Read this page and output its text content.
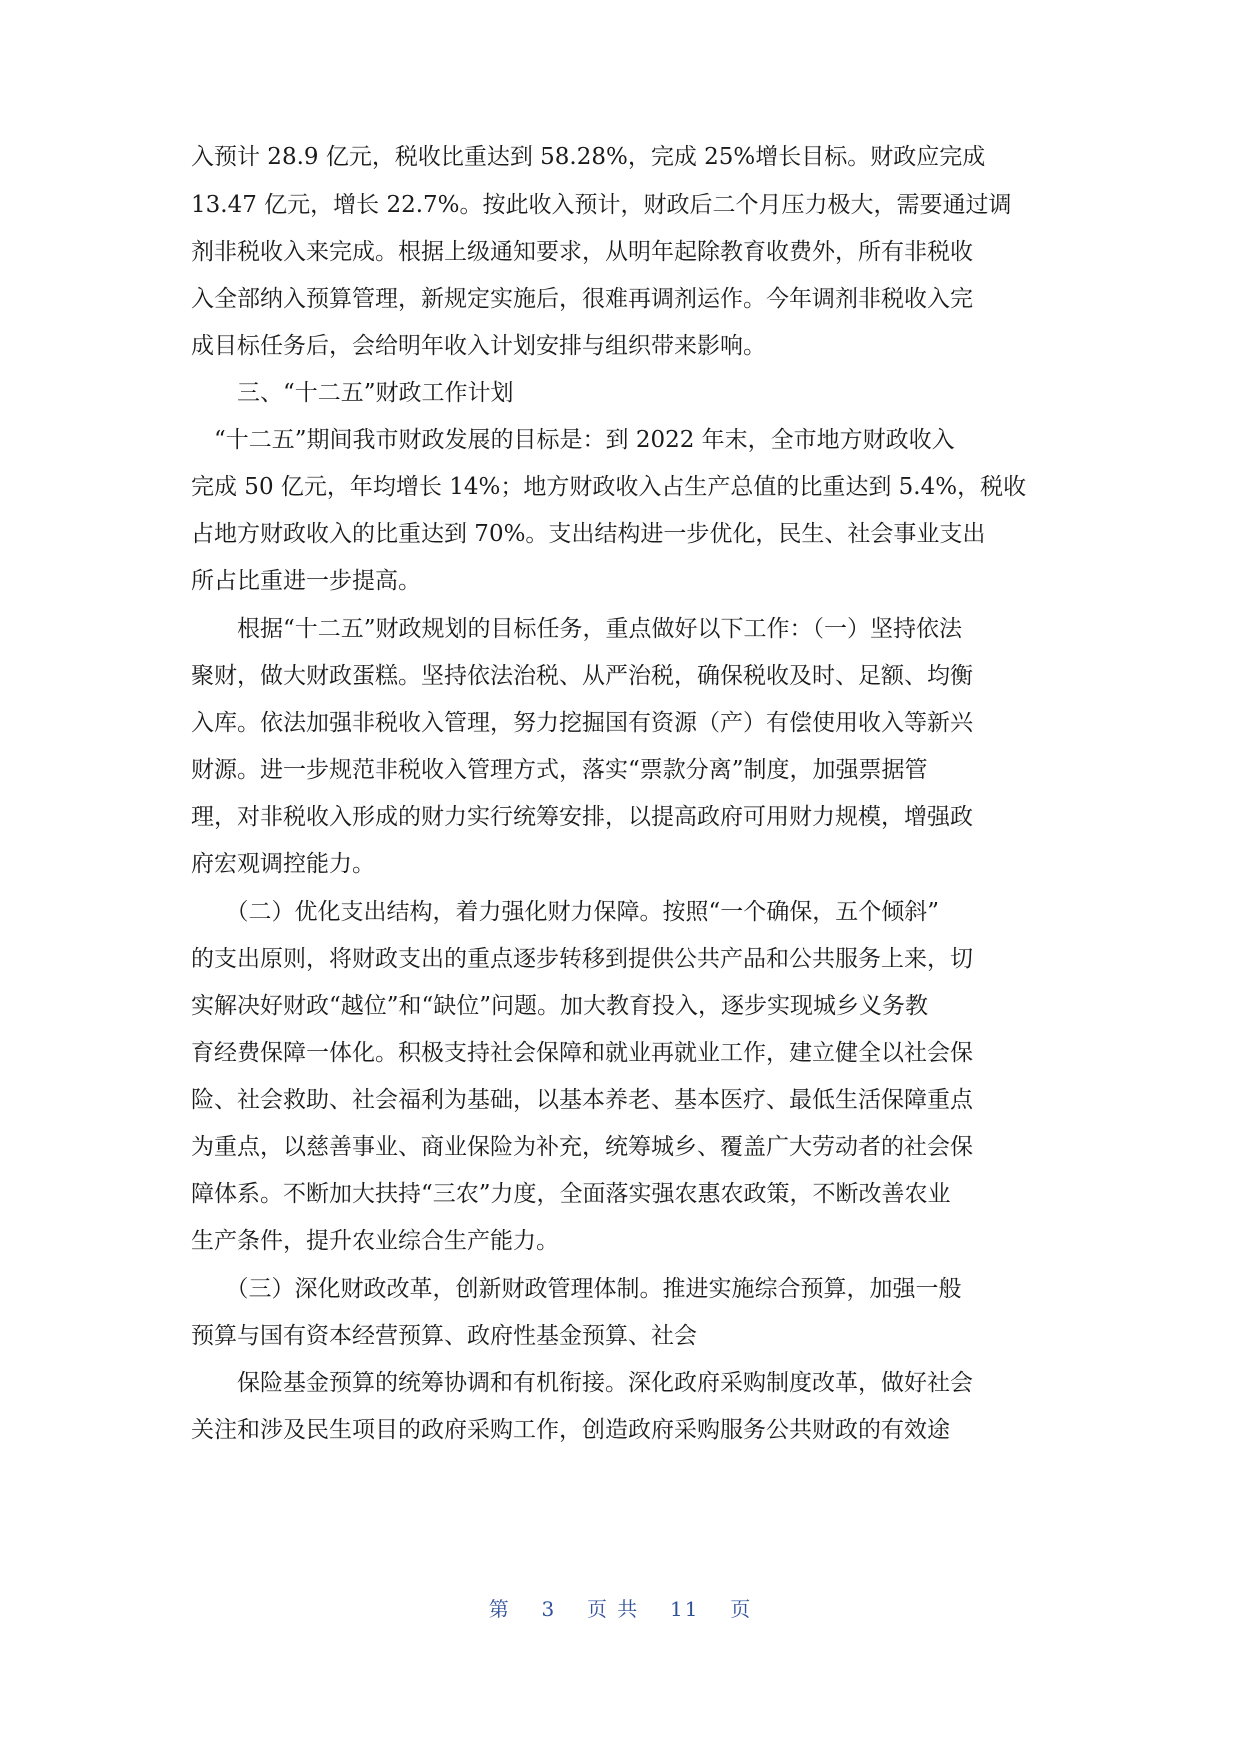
入预计 28.9 亿元，税收比重达到 58.28%，完成 25%增长目标。财政应完成
13.47 亿元，增长 22.7%。按此收入预计，财政后二个月压力极大，需要通过调
剂非税收入来完成。根据上级通知要求，从明年起除教育收费外，所有非税收
入全部纳入预算管理，新规定实施后，很难再调剂运作。今年调剂非税收入完
成目标任务后，会给明年收入计划安排与组织带来影响。
　　三、“十二五”财政工作计划
　“十二五”期间我市财政发展的目标是：到 2022 年末，全市地方财政收入
完成 50 亿元，年均增长 14%；地方财政收入占生产总值的比重达到 5.4%，税收
占地方财政收入的比重达到 70%。支出结构进一步优化，民生、社会事业支出
所占比重进一步提高。
　　根据“十二五”财政规划的目标任务，重点做好以下工作：（一）坚持依法
聚财，做大财政蛋糕。坚持依法治税、从严治税，确保税收及时、足额、均衡
入库。依法加强非税收入管理，努力挖掘国有资源（产）有偿使用收入等新兴
财源。进一步规范非税收入管理方式，落实“票款分离”制度，加强票据管
理，对非税收入形成的财力实行统筹安排，以提高政府可用财力规模，增强政
府宏观调控能力。
　　（二）优化支出结构，着力强化财力保障。按照“一个确保，五个倾斜”
的支出原则，将财政支出的重点逐步转移到提供公共产品和公共服务上来，切
实解决好财政“越位”和“缺位”问题。加大教育投入，逐步实现城乡义务教
育经费保障一体化。积极支持社会保障和就业再就业工作，建立健全以社会保
险、社会救助、社会福利为基础，以基本养老、基本医疗、最低生活保障重点
为重点，以慈善事业、商业保险为补充，统筹城乡、覆盖广大劳动者的社会保
障体系。不断加大扶持“三农”力度，全面落实强农惠农政策，不断改善农业
生产条件，提升农业综合生产能力。
　　（三）深化财政改革，创新财政管理体制。推进实施综合预算，加强一般
预算与国有资本经营预算、政府性基金预算、社会
　　保险基金预算的统筹协调和有机衔接。深化政府采购制度改革，做好社会
关注和涉及民生项目的政府采购工作，创造政府采购服务公共财政的有效途
第 3 页 共 11 页
